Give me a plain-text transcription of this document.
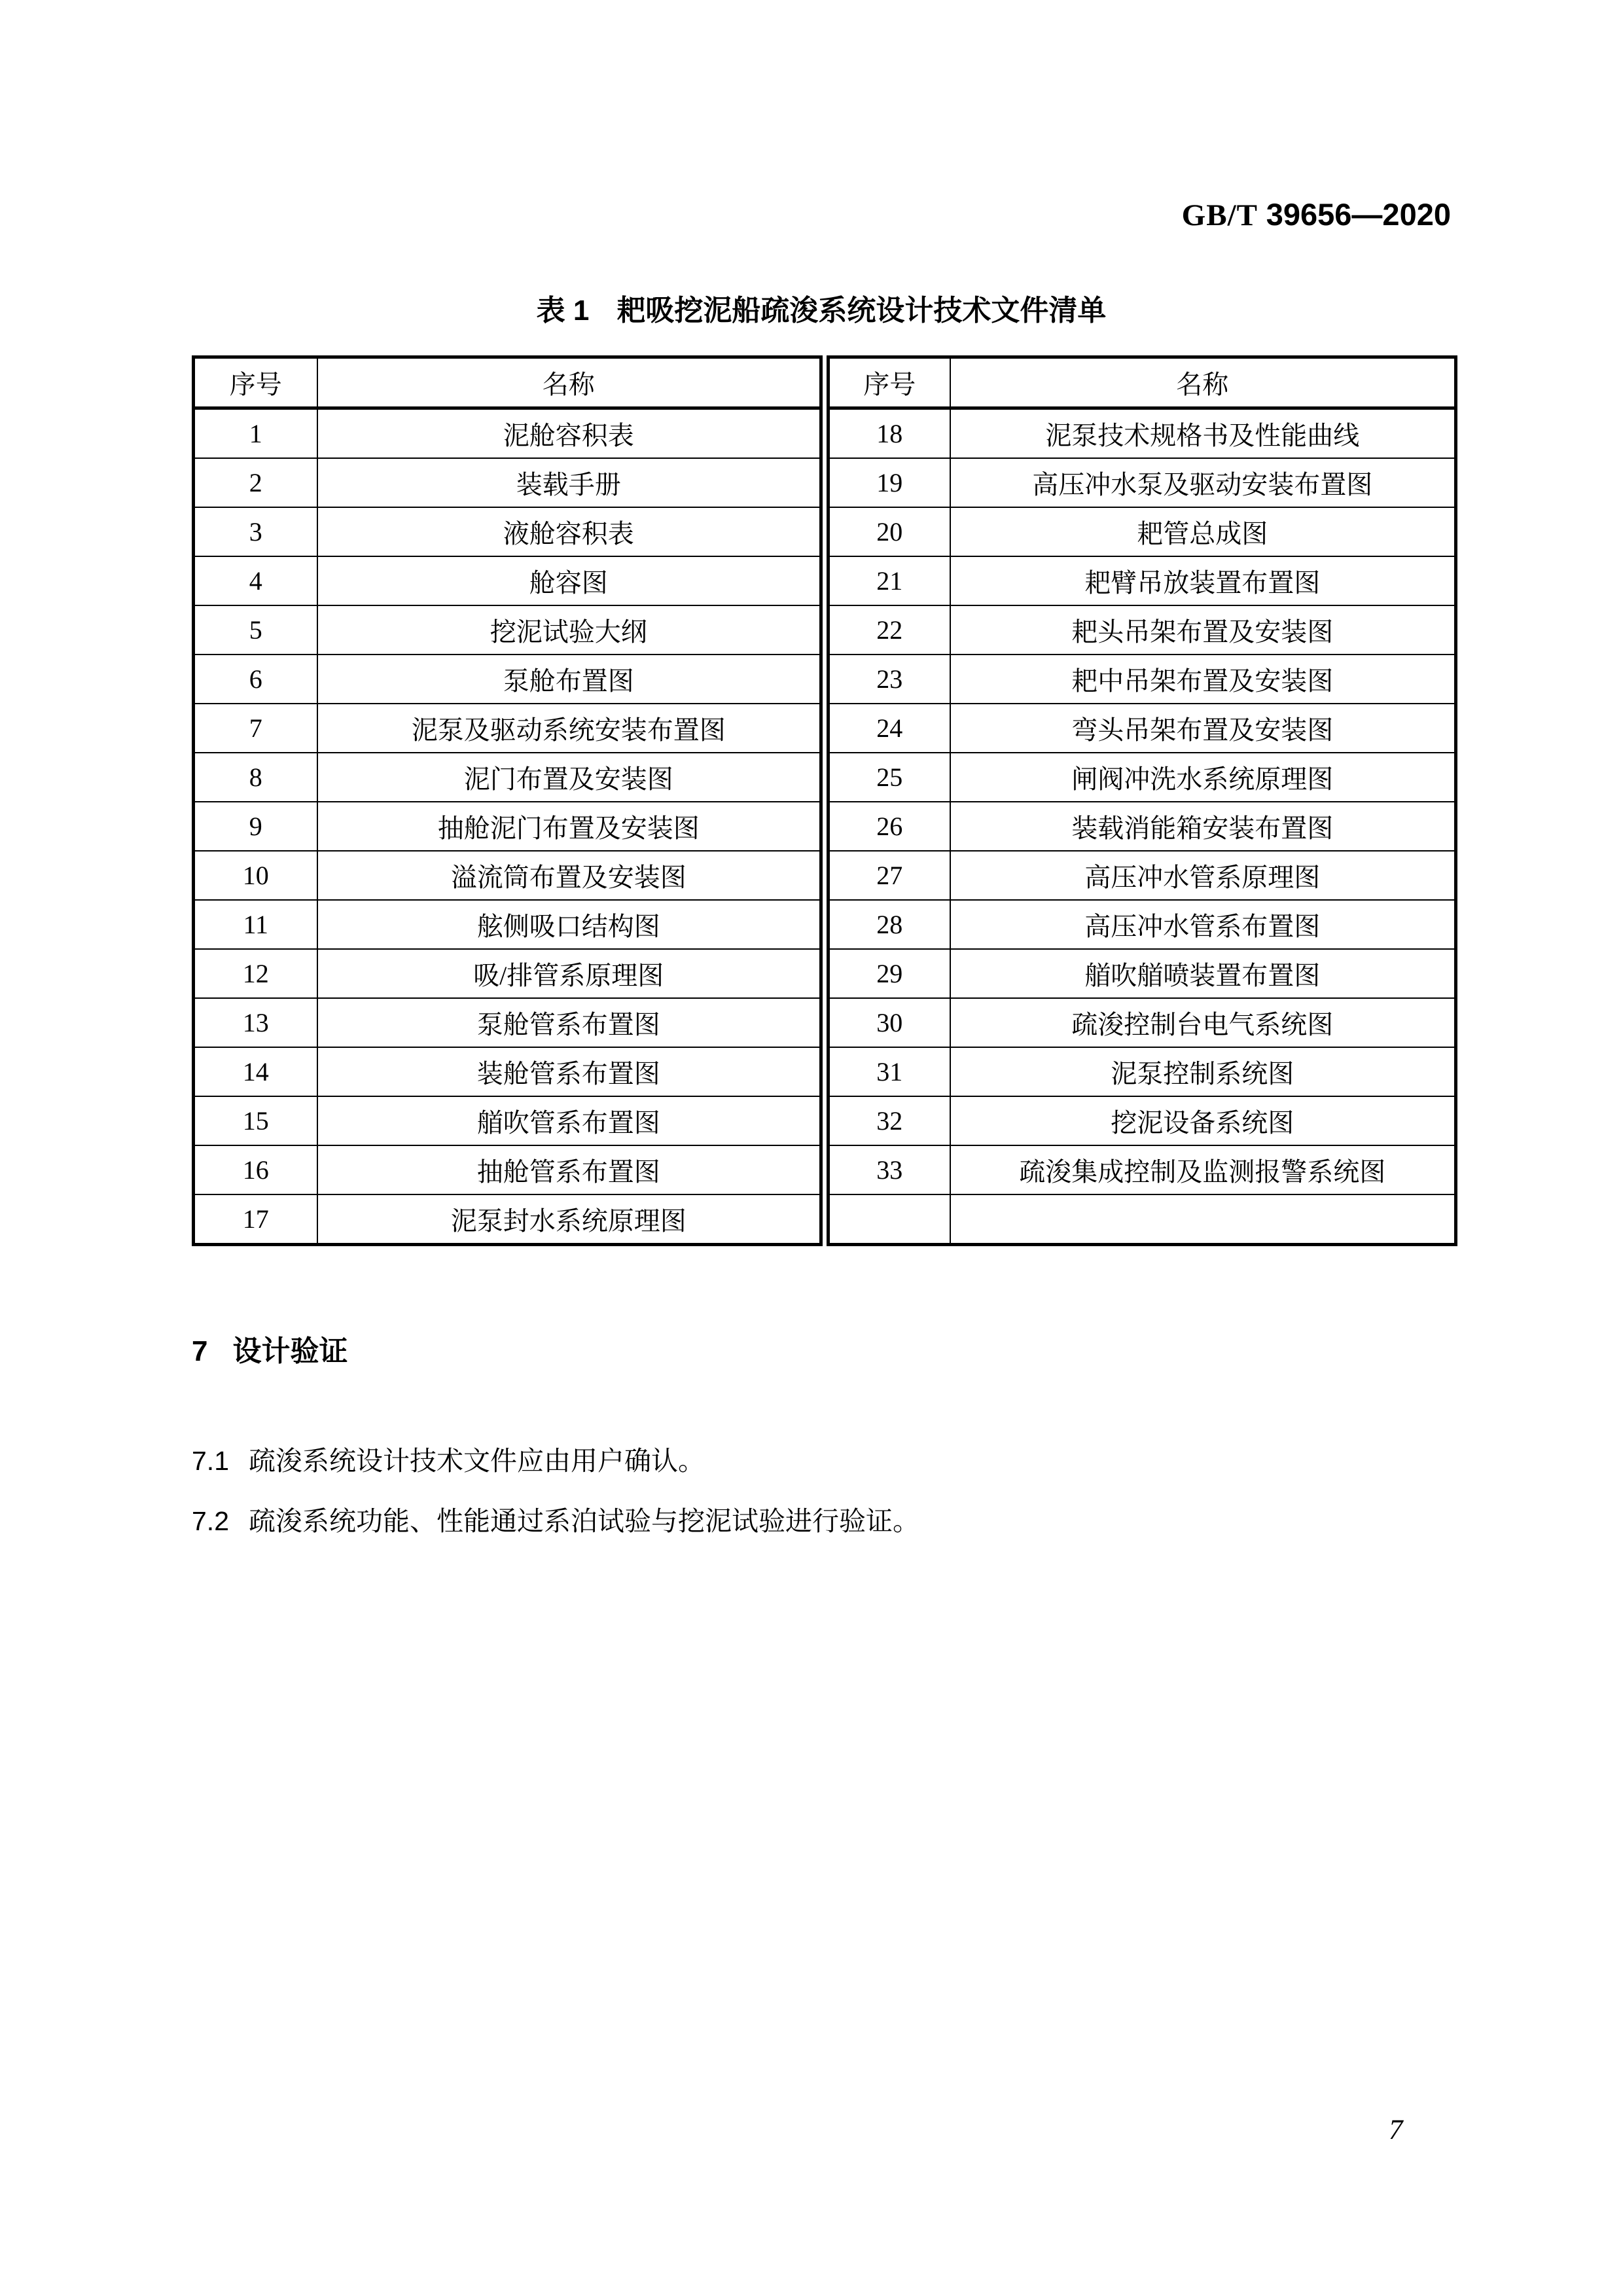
GB/T 39656—2020
表 1 耙吸挖泥船疏浚系统设计技术文件清单
序号	名称
1	泥舱容积表
2	装载手册
3	液舱容积表
4	舱容图
5	挖泥试验大纲
6	泵舱布置图
7	泥泵及驱动系统安装布置图
8	泥门布置及安装图
9	抽舱泥门布置及安装图
10	溢流筒布置及安装图
11	舷侧吸口结构图
12	吸/排管系原理图
13	泵舱管系布置图
14	装舱管系布置图
15	艏吹管系布置图
16	抽舱管系布置图
17	泥泵封水系统原理图
序号	名称
18	泥泵技术规格书及性能曲线
19	高压冲水泵及驱动安装布置图
20	耙管总成图
21	耙臂吊放装置布置图
22	耙头吊架布置及安装图
23	耙中吊架布置及安装图
24	弯头吊架布置及安装图
25	闸阀冲洗水系统原理图
26	装载消能箱安装布置图
27	高压冲水管系原理图
28	高压冲水管系布置图
29	艏吹艏喷装置布置图
30	疏浚控制台电气系统图
31	泥泵控制系统图
32	挖泥设备系统图
33	疏浚集成控制及监测报警系统图

7 设计验证

7.1 疏浚系统设计技术文件应由用户确认。

7.2 疏浚系统功能、性能通过系泊试验与挖泥试验进行验证。

7
